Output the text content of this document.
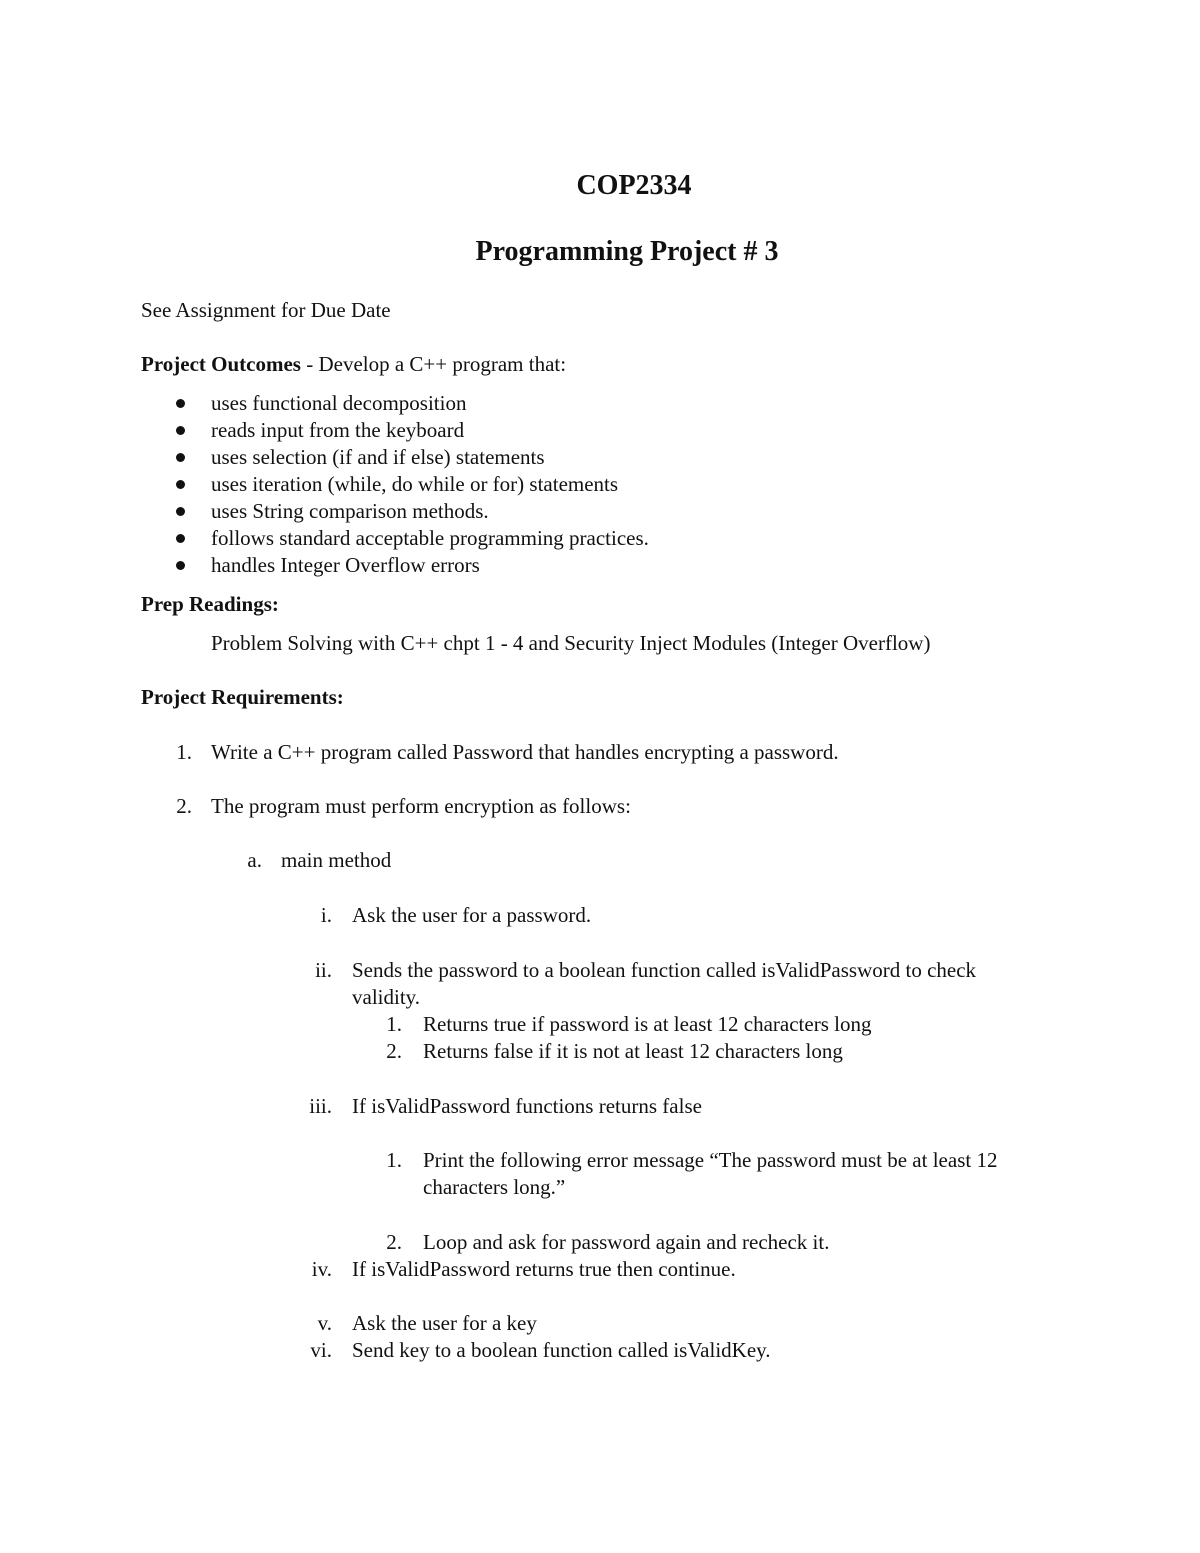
COP2334
Programming Project # 3
See Assignment for Due Date
Project Outcomes - Develop a C++ program that:
uses functional decomposition
reads input from the keyboard
uses selection (if and if else) statements
uses iteration (while, do while or for) statements
uses String comparison methods.
follows standard acceptable programming practices.
handles Integer Overflow errors
Prep Readings:
Problem Solving with C++ chpt 1 - 4 and Security Inject Modules (Integer Overflow)
Project Requirements:
1. Write a C++ program called Password that handles encrypting a password.
2. The program must perform encryption as follows:
a. main method
i. Ask the user for a password.
ii. Sends the password to a boolean function called isValidPassword to check
validity.
1. Returns true if password is at least 12 characters long
2. Returns false if it is not at least 12 characters long
iii. If isValidPassword functions returns false
1. Print the following error message “The password must be at least 12
characters long.”
2. Loop and ask for password again and recheck it.
iv. If isValidPassword returns true then continue.
v. Ask the user for a key
vi. Send key to a boolean function called isValidKey.
